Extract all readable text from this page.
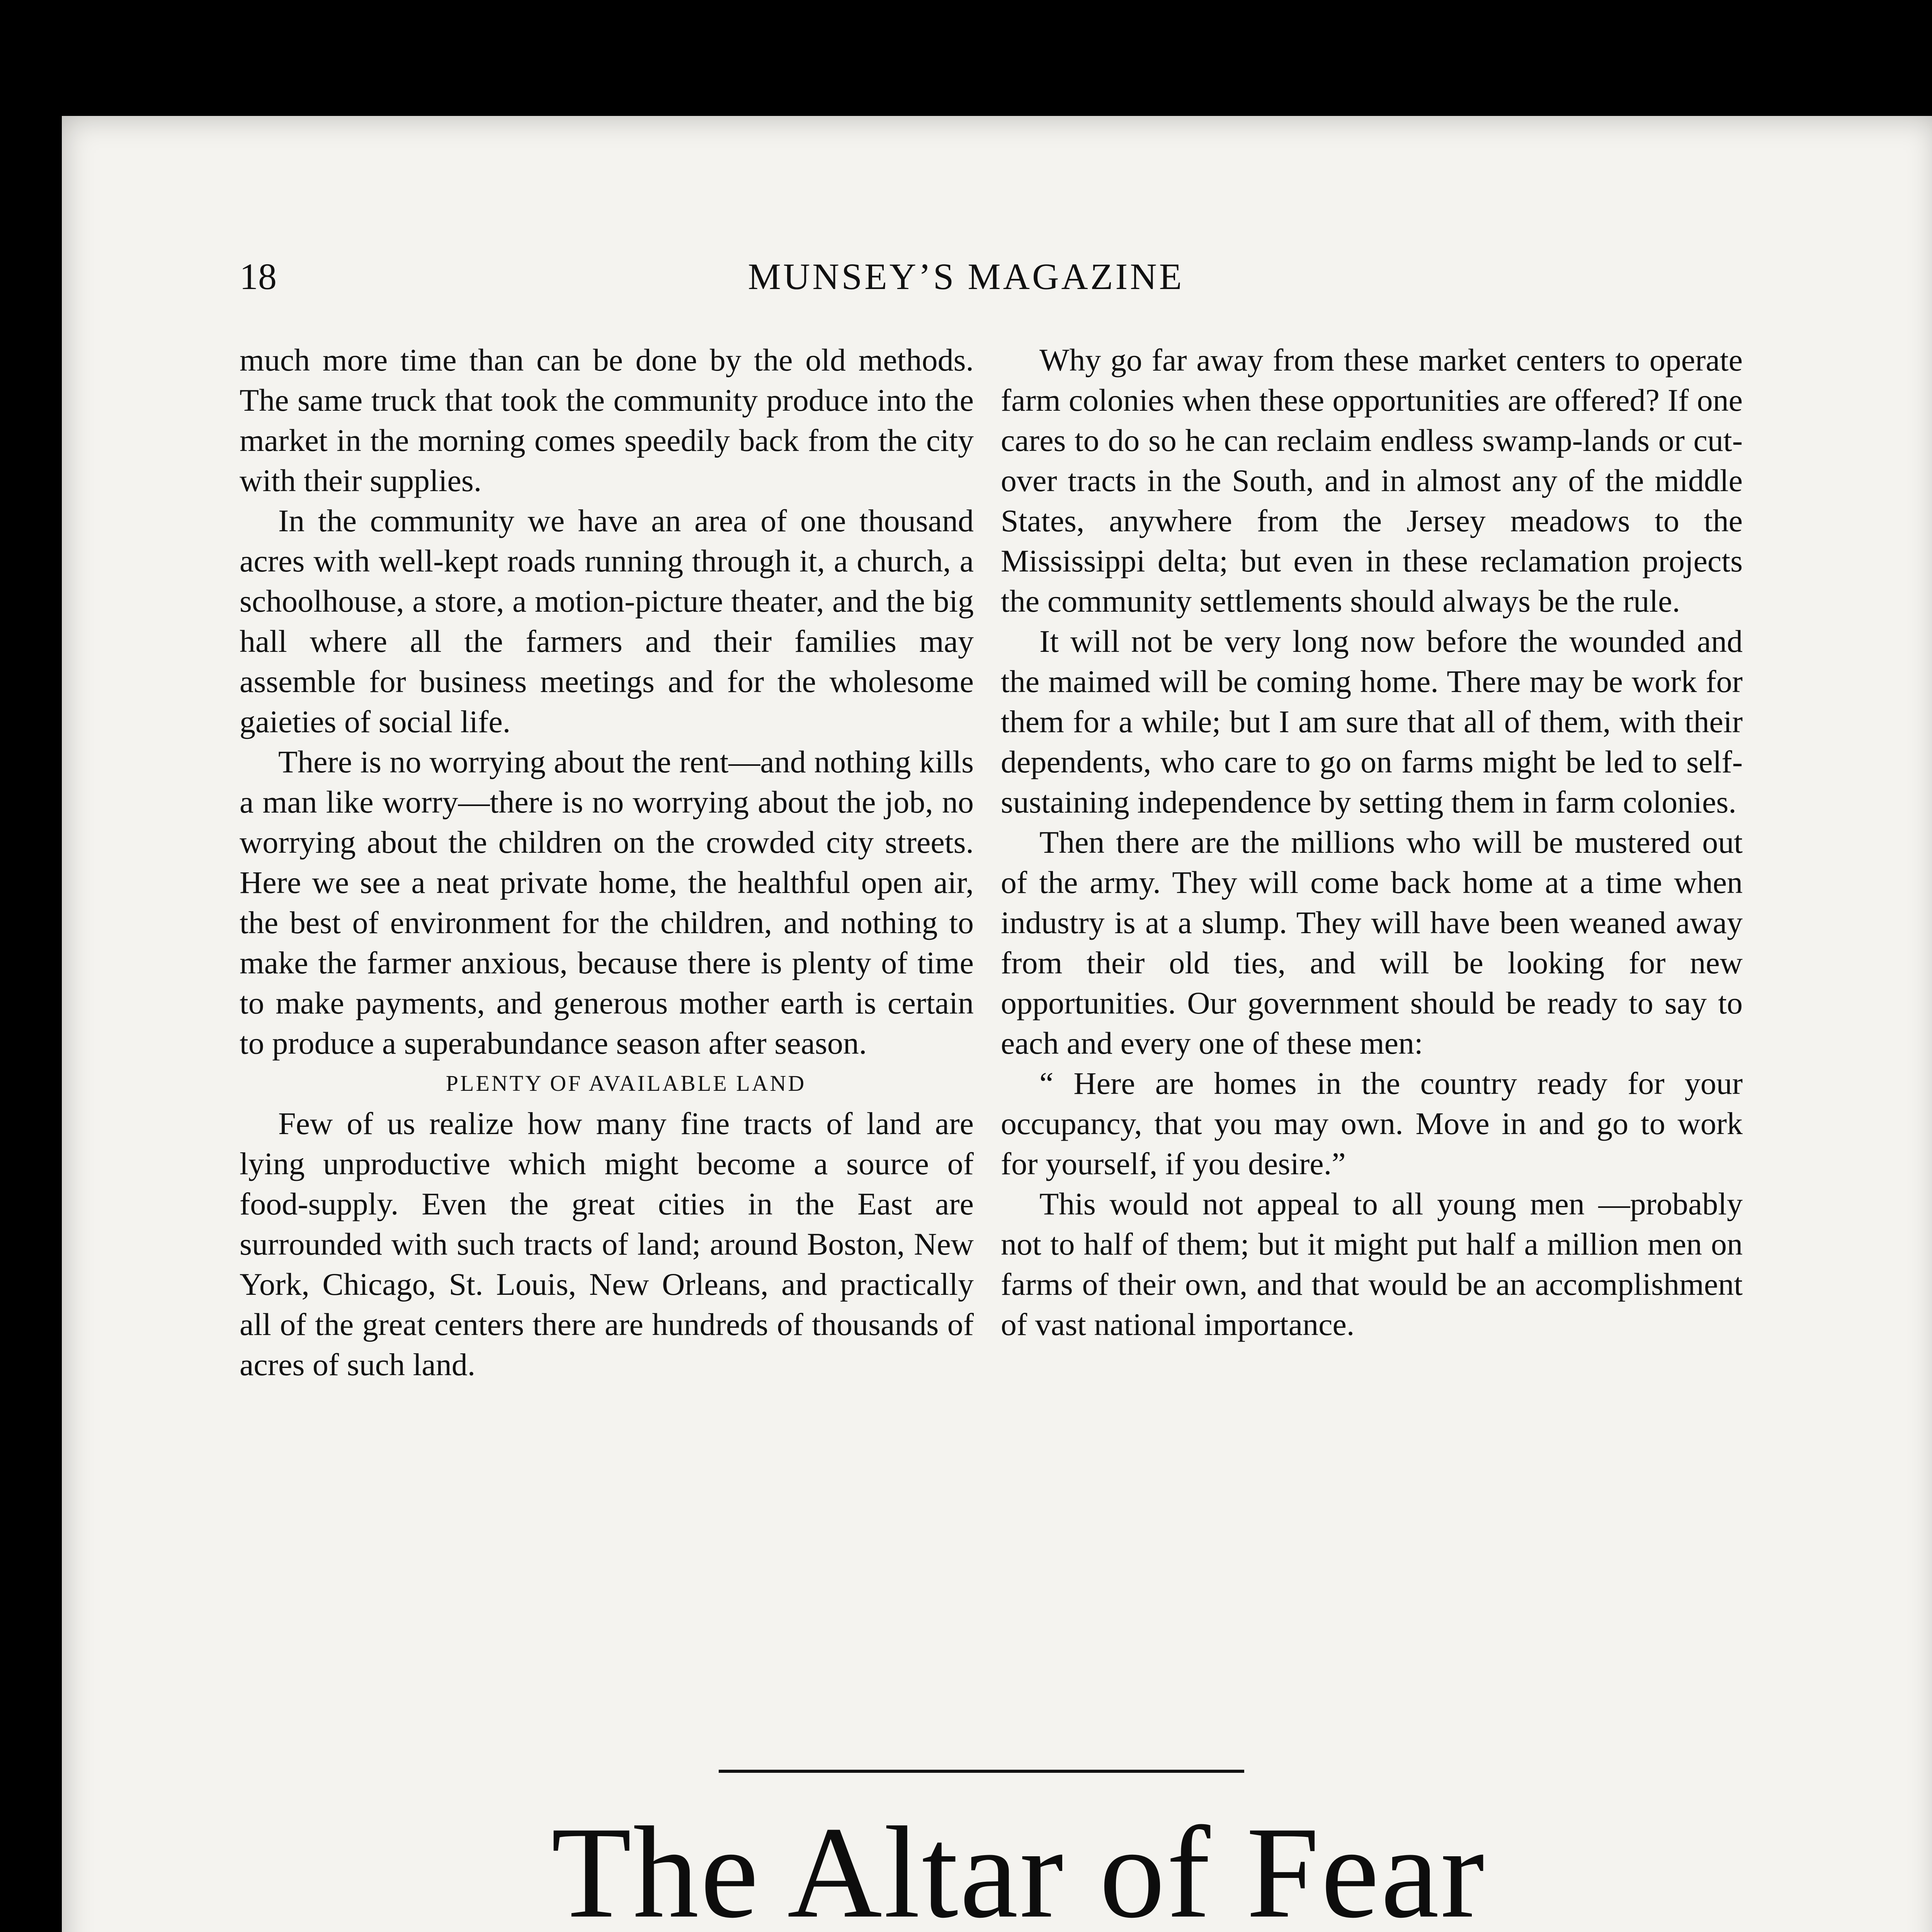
18	MUNSEY’S MAGAZINE

much more time than can be done by the old methods. The same truck that took the community produce into the market in the morning comes speedily back from the city with their supplies.

In the community we have an area of one thousand acres with well-kept roads running through it, a church, a schoolhouse, a store, a motion-picture theater, and the big hall where all the farmers and their families may assemble for business meetings and for the wholesome gaieties of social life.

There is no worrying about the rent—and nothing kills a man like worry—there is no worrying about the job, no worrying about the children on the crowded city streets. Here we see a neat private home, the healthful open air, the best of environment for the children, and nothing to make the farmer anxious, because there is plenty of time to make payments, and generous mother earth is certain to produce a superabundance season after season.

PLENTY OF AVAILABLE LAND

Few of us realize how many fine tracts of land are lying unproductive which might become a source of food-supply. Even the great cities in the East are surrounded with such tracts of land; around Boston, New York, Chicago, St. Louis, New Orleans, and practically all of the great centers there are hundreds of thousands of acres of such land.

Why go far away from these market centers to operate farm colonies when these opportunities are offered? If one cares to do so he can reclaim endless swamp-lands or cut-over tracts in the South, and in almost any of the middle States, anywhere from the Jersey meadows to the Mississippi delta; but even in these reclamation projects the community settlements should always be the rule.

It will not be very long now before the wounded and the maimed will be coming home. There may be work for them for a while; but I am sure that all of them, with their dependents, who care to go on farms might be led to self-sustaining independence by setting them in farm colonies.

Then there are the millions who will be mustered out of the army. They will come back home at a time when industry is at a slump. They will have been weaned away from their old ties, and will be looking for new opportunities. Our government should be ready to say to each and every one of these men:

“ Here are homes in the country ready for your occupancy, that you may own. Move in and go to work for yourself, if you desire.”

This would not appeal to all young men —probably not to half of them; but it might put half a million men on farms of their own, and that would be an accomplishment of vast national importance.

The Altar of Fear
